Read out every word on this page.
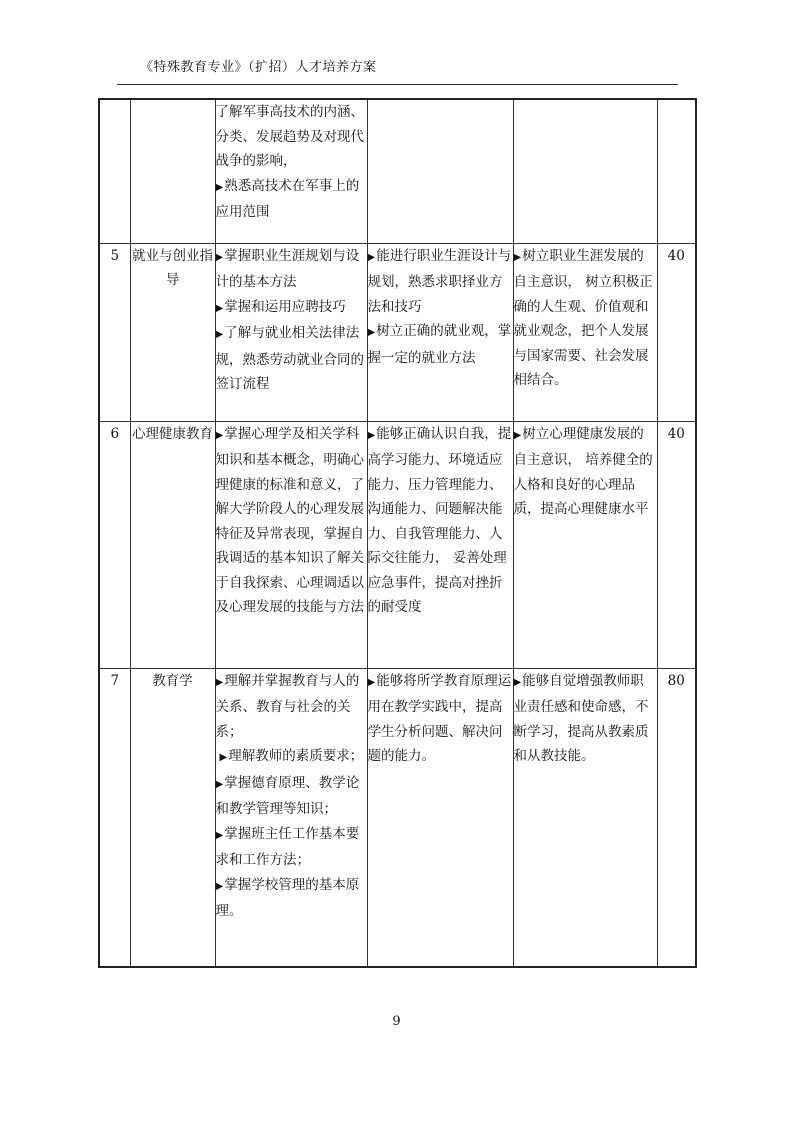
《特殊教育专业》（扩招）人才培养方案

		了解军事高技术的内涵、分类、发展趋势及对现代战争的影响，
▶熟悉高技术在军事上的应用范围			

5	就业与创业指导	▶掌握职业生涯规划与设计的基本方法
▶掌握和运用应聘技巧
▶了解与就业相关法律法规，熟悉劳动就业合同的签订流程	▶能进行职业生涯设计与规划，熟悉求职择业方法和技巧
▶树立正确的就业观，掌握一定的就业方法	▶树立职业生涯发展的自主意识， 树立积极正确的人生观、价值观和就业观念，把个人发展与国家需要、社会发展相结合。	40
6	心理健康教育	▶掌握心理学及相关学科知识和基本概念，明确心理健康的标准和意义，了解大学阶段人的心理发展特征及异常表现，掌握自我调适的基本知识了解关于自我探索、心理调适以及心理发展的技能与方法	▶能够正确认识自我，提高学习能力、环境适应能力、压力管理能力、沟通能力、问题解决能力、自我管理能力、人际交往能力， 妥善处理应急事件，提高对挫折的耐受度	▶树立心理健康发展的自主意识， 培养健全的人格和良好的心理品质，提高心理健康水平	40
7	教育学	▶理解并掌握教育与人的关系、教育与社会的关系；
▶理解教师的素质要求；
▶掌握德育原理、教学论和教学管理等知识；
▶掌握班主任工作基本要求和工作方法；
▶掌握学校管理的基本原理。	▶能够将所学教育原理运用在教学实践中，提高学生分析问题、解决问题的能力。	▶能够自觉增强教师职业责任感和使命感，不断学习，提高从教素质和从教技能。	80
9
